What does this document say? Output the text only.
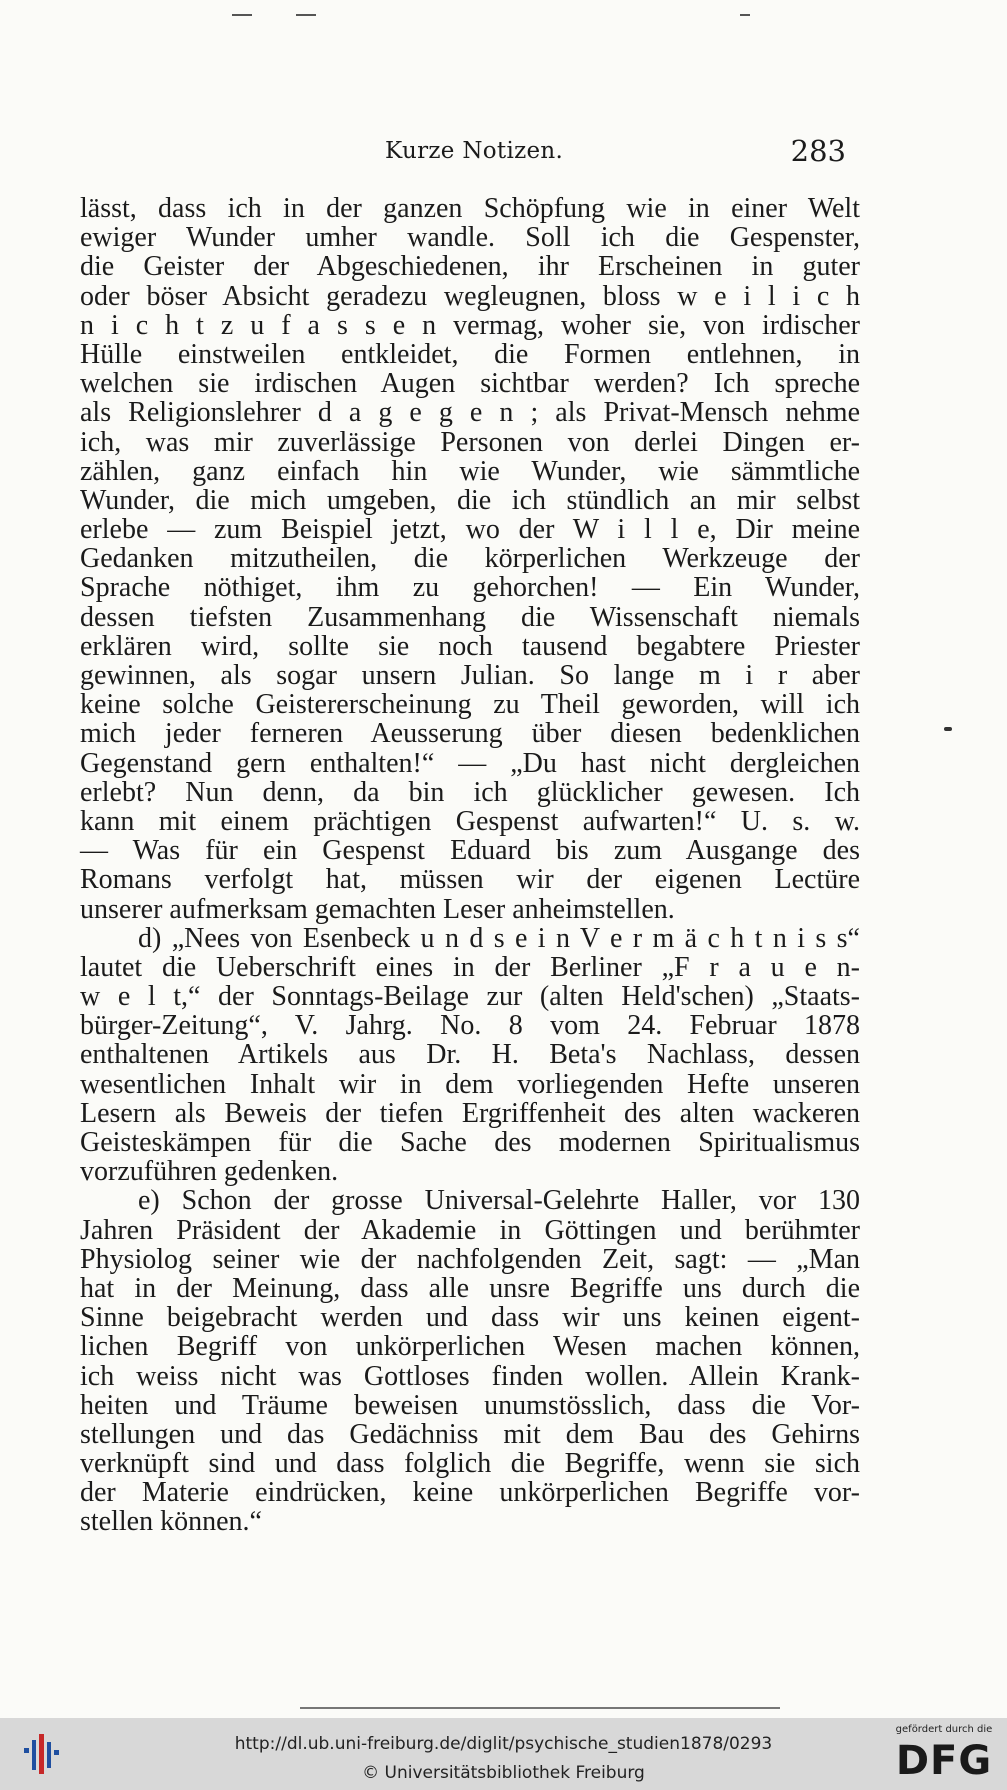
Kurze Notizen.	283
lässt, dass ich in der ganzen Schöpfung wie in einer Welt
ewiger Wunder umher wandle. Soll ich die Gespenster,
die Geister der Abgeschiedenen, ihr Erscheinen in guter
oder böser Absicht geradezu wegleugnen, bloss w e i l i c h
n i c h t z u f a s s e n vermag, woher sie, von irdischer
Hülle einstweilen entkleidet, die Formen entlehnen, in
welchen sie irdischen Augen sichtbar werden? Ich spreche
als Religionslehrer d a g e g e n ; als Privat-Mensch nehme
ich, was mir zuverlässige Personen von derlei Dingen er-
zählen, ganz einfach hin wie Wunder, wie sämmtliche
Wunder, die mich umgeben, die ich stündlich an mir selbst
erlebe — zum Beispiel jetzt, wo der W i l l e, Dir meine
Gedanken mitzutheilen, die körperlichen Werkzeuge der
Sprache nöthiget, ihm zu gehorchen! — Ein Wunder,
dessen tiefsten Zusammenhang die Wissenschaft niemals
erklären wird, sollte sie noch tausend begabtere Priester
gewinnen, als sogar unsern Julian. So lange m i r aber
keine solche Geistererscheinung zu Theil geworden, will ich
mich jeder ferneren Aeusserung über diesen bedenklichen
Gegenstand gern enthalten!“ — „Du hast nicht dergleichen
erlebt? Nun denn, da bin ich glücklicher gewesen. Ich
kann mit einem prächtigen Gespenst aufwarten!“ U. s. w.
— Was für ein Gespenst Eduard bis zum Ausgange des
Romans verfolgt hat, müssen wir der eigenen Lectüre
unserer aufmerksam gemachten Leser anheimstellen.
d) „Nees von Esenbeck u n d s e i n V e r m ä c h t n i s s“
lautet die Ueberschrift eines in der Berliner „F r a u e n-
w e l t,“ der Sonntags-Beilage zur (alten Held'schen) „Staats-
bürger-Zeitung“, V. Jahrg. No. 8 vom 24. Februar 1878
enthaltenen Artikels aus Dr. H. Beta's Nachlass, dessen
wesentlichen Inhalt wir in dem vorliegenden Hefte unseren
Lesern als Beweis der tiefen Ergriffenheit des alten wackeren
Geisteskämpen für die Sache des modernen Spiritualismus
vorzuführen gedenken.
e) Schon der grosse Universal-Gelehrte Haller, vor 130
Jahren Präsident der Akademie in Göttingen und berühmter
Physiolog seiner wie der nachfolgenden Zeit, sagt: — „Man
hat in der Meinung, dass alle unsre Begriffe uns durch die
Sinne beigebracht werden und dass wir uns keinen eigent-
lichen Begriff von unkörperlichen Wesen machen können,
ich weiss nicht was Gottloses finden wollen. Allein Krank-
heiten und Träume beweisen unumstösslich, dass die Vor-
stellungen und das Gedächniss mit dem Bau des Gehirns
verknüpft sind und dass folglich die Begriffe, wenn sie sich
der Materie eindrücken, keine unkörperlichen Begriffe vor-
stellen können.“
http://dl.ub.uni-freiburg.de/diglit/psychische_studien1878/0293
© Universitätsbibliothek Freiburg
gefördert durch die
DFG
